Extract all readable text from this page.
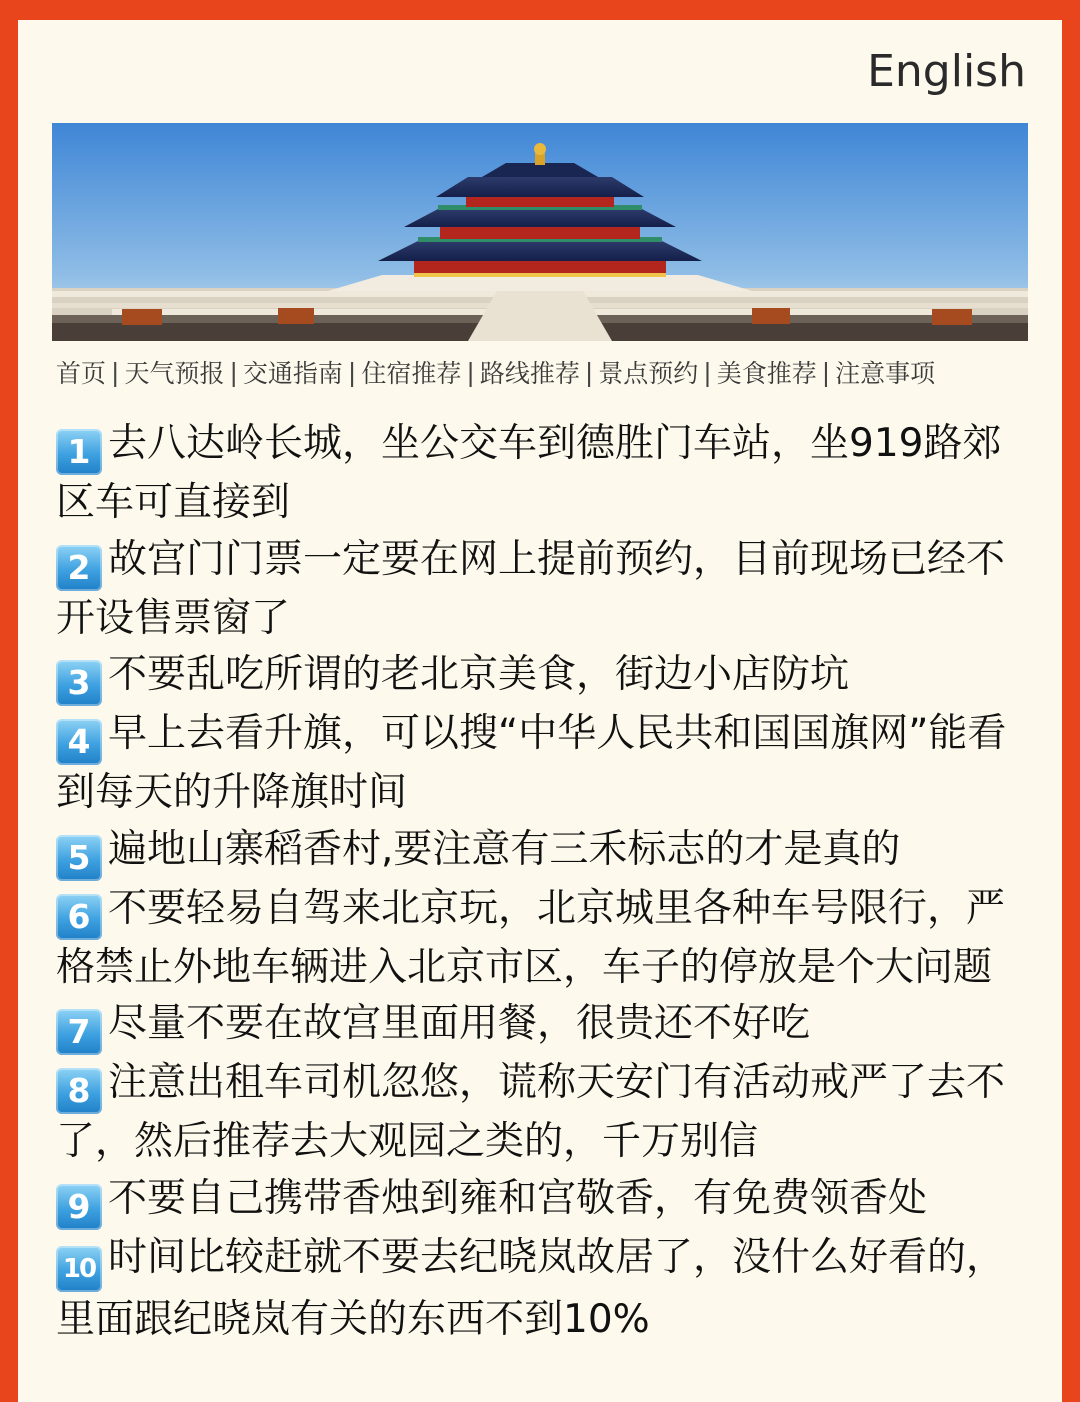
English
首页 | 天气预报 | 交通指南 | 住宿推荐 | 路线推荐 | 景点预约 | 美食推荐 | 注意事项

1 去八达岭长城，坐公交车到德胜门车站，坐919路郊区车可直接到

2 故宫门门票一定要在网上提前预约，目前现场已经不开设售票窗了

3 不要乱吃所谓的老北京美食，街边小店防坑

4 早上去看升旗，可以搜“中华人民共和国国旗网”能看到每天的升降旗时间

5 遍地山寨稻香村,要注意有三禾标志的才是真的

6 不要轻易自驾来北京玩，北京城里各种车号限行，严格禁止外地车辆进入北京市区，车子的停放是个大问题

7 尽量不要在故宫里面用餐，很贵还不好吃

8 注意出租车司机忽悠，谎称天安门有活动戒严了去不了，然后推荐去大观园之类的，千万别信

9 不要自己携带香烛到雍和宫敬香，有免费领香处

10 时间比较赶就不要去纪晓岚故居了，没什么好看的，里面跟纪晓岚有关的东西不到10%
